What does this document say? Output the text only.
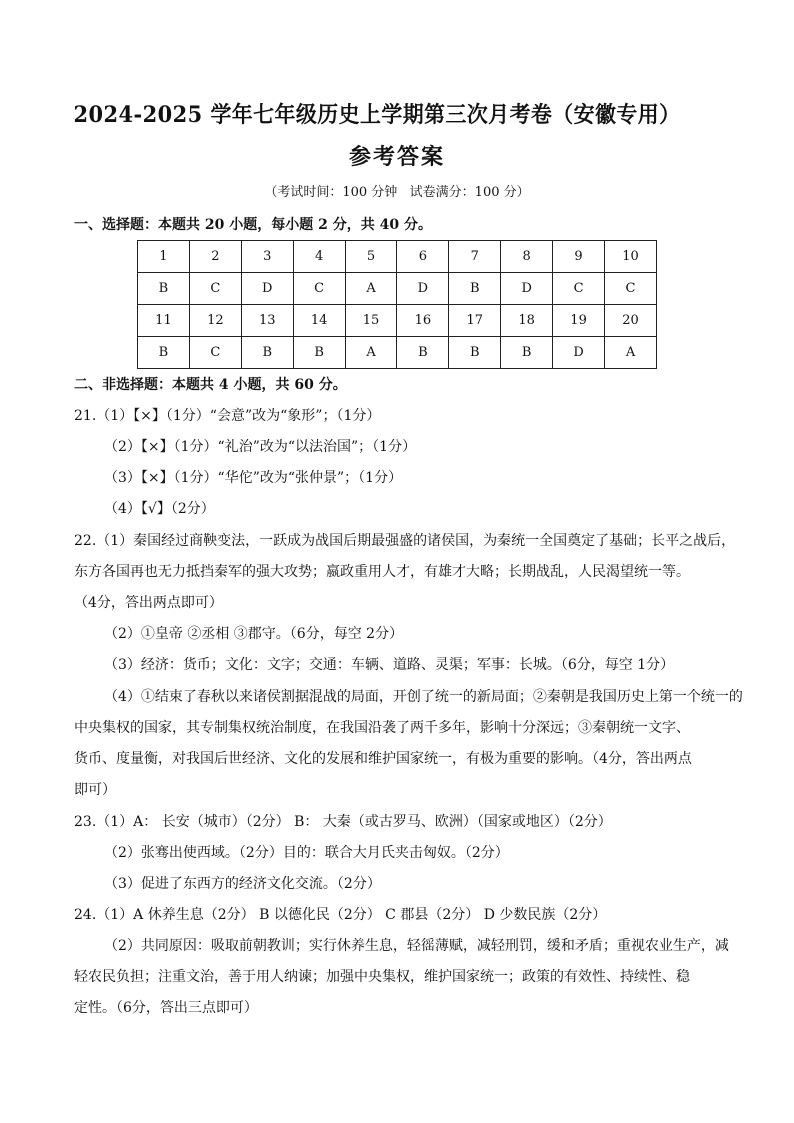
2024-2025 学年七年级历史上学期第三次月考卷（安徽专用）
参考答案
（考试时间：100 分钟   试卷满分：100 分）
一、选择题：本题共 20 小题，每小题 2 分，共 40 分。
1	2	3	4	5	6	7	8	9	10
B	C	D	C	A	D	B	D	C	C
11	12	13	14	15	16	17	18	19	20
B	C	B	B	A	B	B	B	D	A
二、非选择题：本题共 4 小题，共 60 分。
21.（1）【×】（1分）“会意”改为“象形”；（1分）
（2）【×】（1分）“礼治”改为“以法治国”；（1分）
（3）【×】（1分）“华佗”改为“张仲景”；（1分）
（4）【√】（2分）
22.（1）秦国经过商鞅变法，一跃成为战国后期最强盛的诸侯国，为秦统一全国奠定了基础；长平之战后，
东方各国再也无力抵挡秦军的强大攻势；嬴政重用人才，有雄才大略；长期战乱，人民渴望统一等。
（4分，答出两点即可）
（2）①皇帝 ②丞相 ③郡守。（6分，每空 2分）
（3）经济：货币；文化：文字；交通：车辆、道路、灵渠；军事：长城。（6分，每空 1分）
（4）①结束了春秋以来诸侯割据混战的局面，开创了统一的新局面；②秦朝是我国历史上第一个统一的
中央集权的国家，其专制集权统治制度，在我国沿袭了两千多年，影响十分深远；③秦朝统一文字、
货币、度量衡，对我国后世经济、文化的发展和维护国家统一，有极为重要的影响。（4分，答出两点
即可）
23.（1）A： 长安（城市）（2分） B： 大秦（或古罗马、欧洲）（国家或地区）（2分）
（2）张骞出使西域。（2分）目的：联合大月氏夹击匈奴。（2分）
（3）促进了东西方的经济文化交流。（2分）
24.（1）A 休养生息（2分） B 以德化民（2分） C 郡县（2分） D 少数民族（2分）
（2）共同原因：吸取前朝教训；实行休养生息，轻徭薄赋，减轻刑罚，缓和矛盾；重视农业生产，减
轻农民负担；注重文治，善于用人纳谏；加强中央集权，维护国家统一；政策的有效性、持续性、稳
定性。（6分，答出三点即可）
